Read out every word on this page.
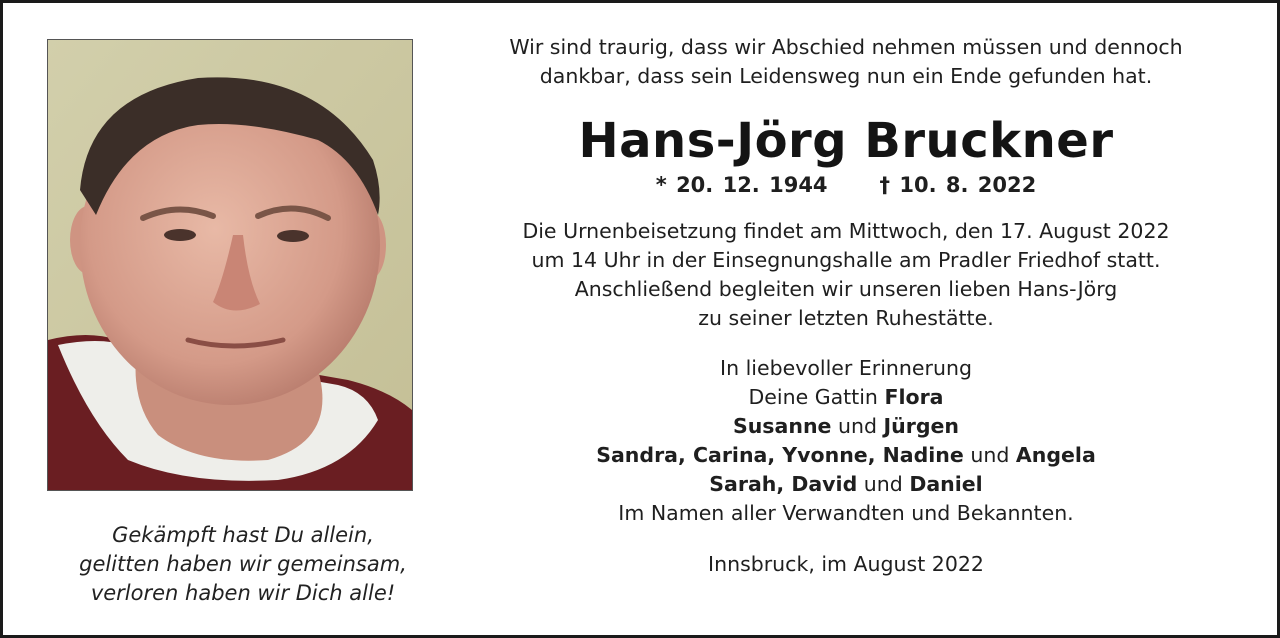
Gekämpft hast Du allein,
gelitten haben wir gemeinsam,
verloren haben wir Dich alle!
Wir sind traurig, dass wir Abschied nehmen müssen und dennoch
dankbar, dass sein Leidensweg nun ein Ende gefunden hat.
Hans-Jörg Bruckner
* 20. 12. 1944 † 10. 8. 2022
Die Urnenbeisetzung findet am Mittwoch, den 17. August 2022
um 14 Uhr in der Einsegnungshalle am Pradler Friedhof statt.
Anschließend begleiten wir unseren lieben Hans-Jörg
zu seiner letzten Ruhestätte.
In liebevoller Erinnerung
Deine Gattin Flora
Susanne und Jürgen
Sandra, Carina, Yvonne, Nadine und Angela
Sarah, David und Daniel
Im Namen aller Verwandten und Bekannten.
Innsbruck, im August 2022
